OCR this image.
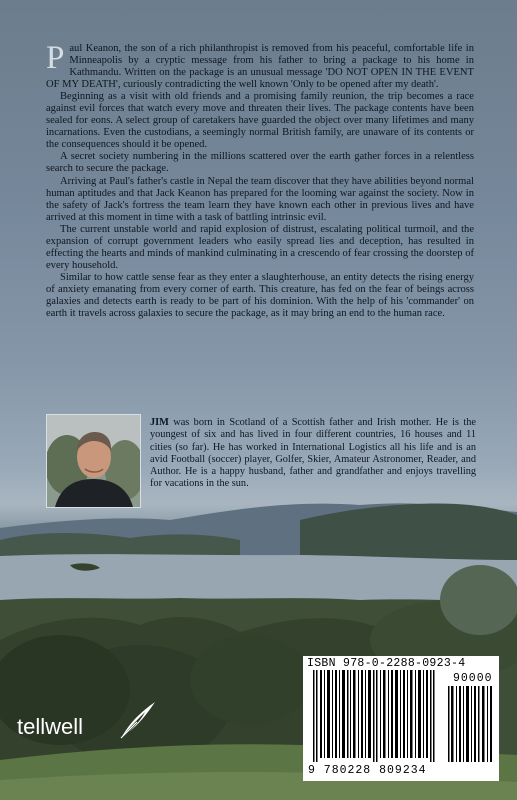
Paul Keanon, the son of a rich philanthropist is removed from his peaceful, comfortable life in Minneapolis by a cryptic message from his father to bring a package to his home in Kathmandu. Written on the package is an unusual message 'DO NOT OPEN IN THE EVENT OF MY DEATH', curiously contradicting the well known 'Only to be opened after my death'.

Beginning as a visit with old friends and a promising family reunion, the trip becomes a race against evil forces that watch every move and threaten their lives. The package contents have been sealed for eons. A select group of caretakers have guarded the object over many lifetimes and many incarnations. Even the custodians, a seemingly normal British family, are unaware of its contents or the consequences should it be opened.

A secret society numbering in the millions scattered over the earth gather forces in a relentless search to secure the package.

Arriving at Paul's father's castle in Nepal the team discover that they have abilities beyond normal human aptitudes and that Jack Keanon has prepared for the looming war against the society. Now in the safety of Jack's fortress the team learn they have known each other in previous lives and have arrived at this moment in time with a task of battling intrinsic evil.

The current unstable world and rapid explosion of distrust, escalating political turmoil, and the expansion of corrupt government leaders who easily spread lies and deception, has resulted in effecting the hearts and minds of mankind culminating in a crescendo of fear crossing the doorstep of every household.

Similar to how cattle sense fear as they enter a slaughterhouse, an entity detects the rising energy of anxiety emanating from every corner of earth. This creature, has fed on the fear of beings across galaxies and detects earth is ready to be part of his dominion. With the help of his 'commander' on earth it travels across galaxies to secure the package, as it may bring an end to the human race.

JIM was born in Scotland of a Scottish father and Irish mother. He is the youngest of six and has lived in four different countries, 16 houses and 11 cities (so far). He has worked in International Logistics all his life and is an avid Football (soccer) player, Golfer, Skier, Amateur Astronomer, Reader, and Author. He is a happy husband, father and grandfather and enjoys travelling for vacations in the sun.
tellwell
ISBN 978-0-2288-0923-4
90000
9 780228 809234
